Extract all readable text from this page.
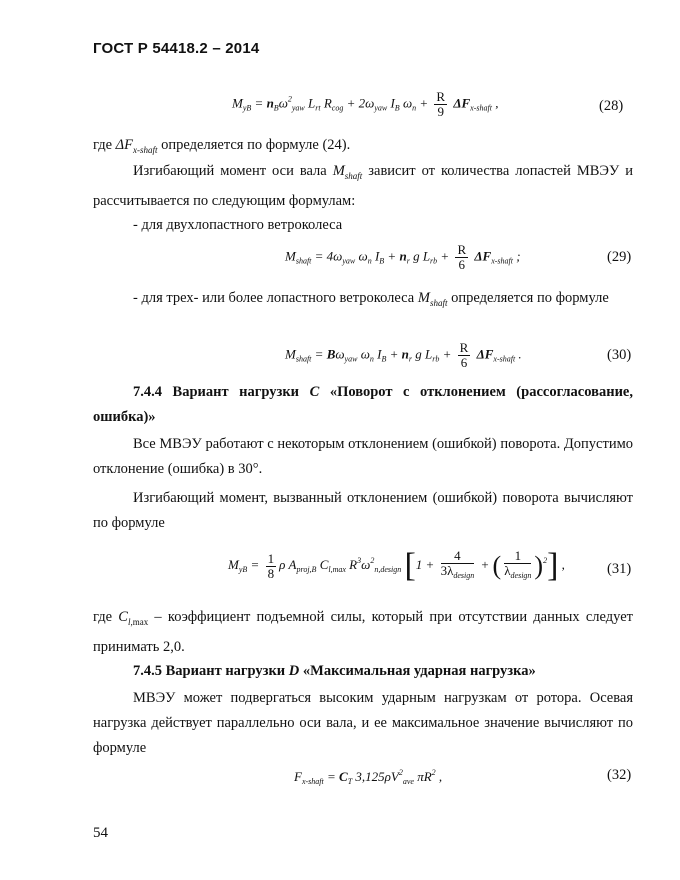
ГОСТ Р 54418.2 – 2014
$M_{yB} = n_B\omega^2_{yaw}$ $L_{rt}$ $R_{cog} + 2\omega_{yaw}$ $I_B$ $\omega_n + \frac{R}{9} \Delta F_{x-shaft}$ ,	(28)
где $\Delta F_{x-shaft}$ определяется по формуле (24).
Изгибающий момент оси вала $M_{shaft}$ зависит от количества лопастей МВЭУ и рассчитывается по следующим формулам:
- для двухлопастного ветроколеса
$M_{shaft} = 4\omega_{yaw}$ $\omega_n$ $I_B + n_r$ g $L_{rb} + \frac{R}{6} \Delta F_{x-shaft}$ ;	(29)
- для трех- или более лопастного ветроколеса $M_{shaft}$ определяется по формуле
$M_{shaft} = B\omega_{yaw}$ $\omega_n$ $I_B + n_r$ g $L_{rb} + \frac{R}{6} \Delta F_{x-shaft}$ .	(30)
7.4.4 Вариант нагрузки C «Поворот с отклонением (рассогласование, ошибка)»
Все МВЭУ работают с некоторым отклонением (ошибкой) поворота. Допустимо отклонение (ошибка) в 30°.
Изгибающий момент, вызванный отклонением (ошибкой) поворота вычисляют по формуле
$M_{yB} = \frac{1}{8}$ ρ $A_{proj,B}$ $C_{l,max}$ $R^3\omega^2_{n,design}$ [$1 + \frac{4}{3\lambda_{design}}$ + ( $\frac{1}{\lambda_{design}} )^2$] ,	(31)
где $C_{l,max}$ – коэффициент подъемной силы, который при отсутствии данных следует принимать 2,0.
7.4.5 Вариант нагрузки D «Максимальная ударная нагрузка»
МВЭУ может подвергаться высоким ударным нагрузкам от ротора. Осевая нагрузка действует параллельно оси вала, и ее максимальное значение вычисляют по формуле
$F_{x-shaft} = C_T$ $3,125\rho V^2_{ave}$ $\pi R^2$ ,	(32)
54
